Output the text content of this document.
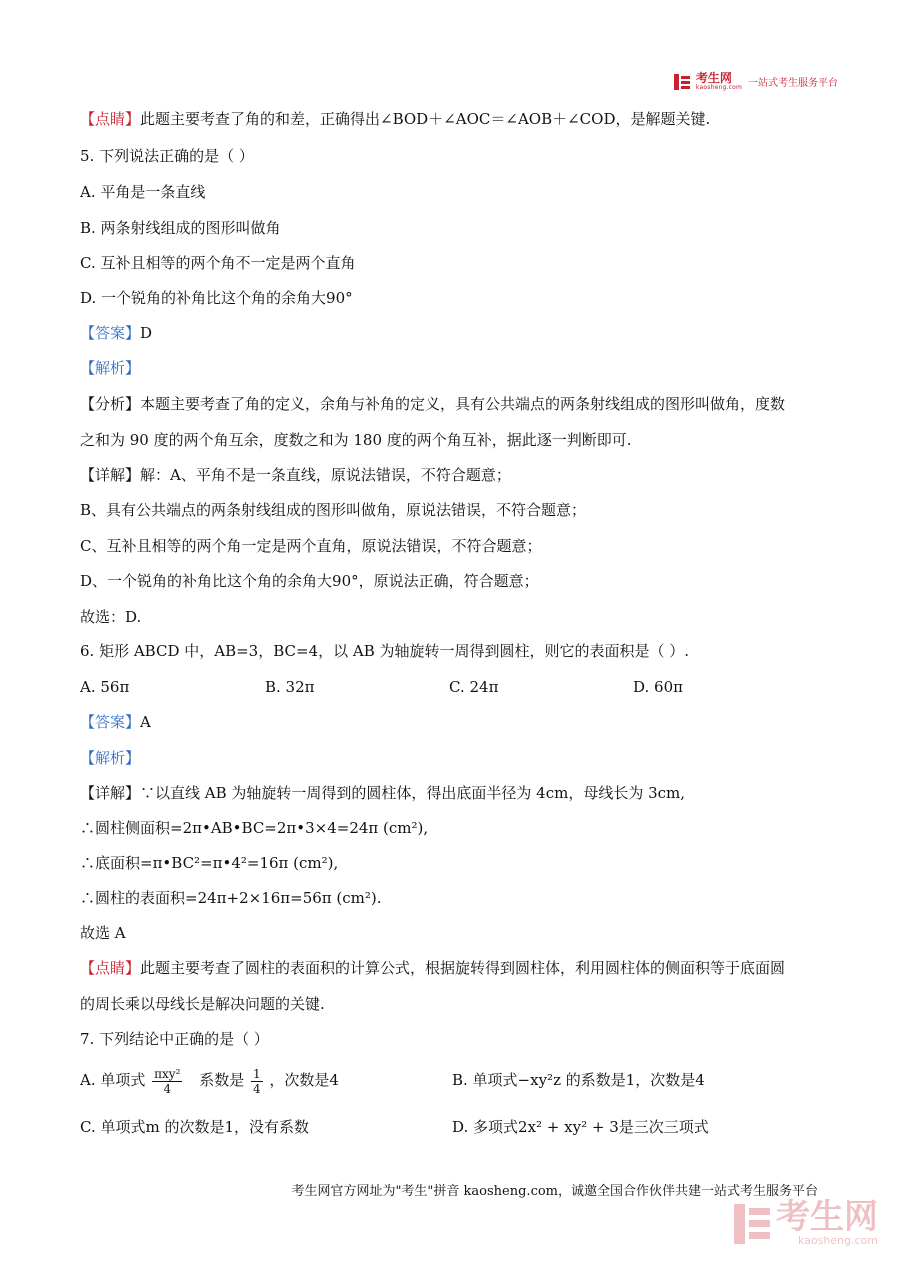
考生网
kaosheng.com 一站式考生服务平台
【点睛】此题主要考查了角的和差，正确得出∠BOD＋∠AOC＝∠AOB＋∠COD，是解题关键.
5. 下列说法正确的是（ ）
A. 平角是一条直线
B. 两条射线组成的图形叫做角
C. 互补且相等的两个角不一定是两个直角
D. 一个锐角的补角比这个角的余角大90°
【答案】D
【解析】
【分析】本题主要考查了角的定义，余角与补角的定义，具有公共端点的两条射线组成的图形叫做角，度数
之和为 90 度的两个角互余，度数之和为 180 度的两个角互补，据此逐一判断即可.
【详解】解：A、平角不是一条直线，原说法错误，不符合题意；
B、具有公共端点的两条射线组成的图形叫做角，原说法错误，不符合题意；
C、互补且相等的两个角一定是两个直角，原说法错误，不符合题意；
D、一个锐角的补角比这个角的余角大90°，原说法正确，符合题意；
故选：D.
6. 矩形 ABCD 中，AB=3，BC=4，以 AB 为轴旋转一周得到圆柱，则它的表面积是（ ）.
A. 56π	B. 32π	C. 24π	D. 60π
【答案】A
【解析】
【详解】∵以直线 AB 为轴旋转一周得到的圆柱体，得出底面半径为 4cm，母线长为 3cm,
∴圆柱侧面积=2π•AB•BC=2π•3×4=24π (cm²),
∴底面积=π•BC²=π•4²=16π (cm²),
∴圆柱的表面积=24π+2×16π=56π (cm²).
故选 A
【点睛】此题主要考查了圆柱的表面积的计算公式，根据旋转得到圆柱体，利用圆柱体的侧面积等于底面圆
的周长乘以母线长是解决问题的关键.
7. 下列结论中正确的是（ ）
A. 单项式 $\frac{\text{πxy²}}{4}$ 系数是 $\frac{1}{4}$ ，次数是4	B. 单项式−xy²z 的系数是1，次数是4
C. 单项式m 的次数是1，没有系数	D. 多项式2x² + xy² + 3是三次三项式
考生网官方网址为"考生"拼音 kaosheng.com，诚邀全国合作伙伴共建一站式考生服务平台
考生网
kaosheng.com
